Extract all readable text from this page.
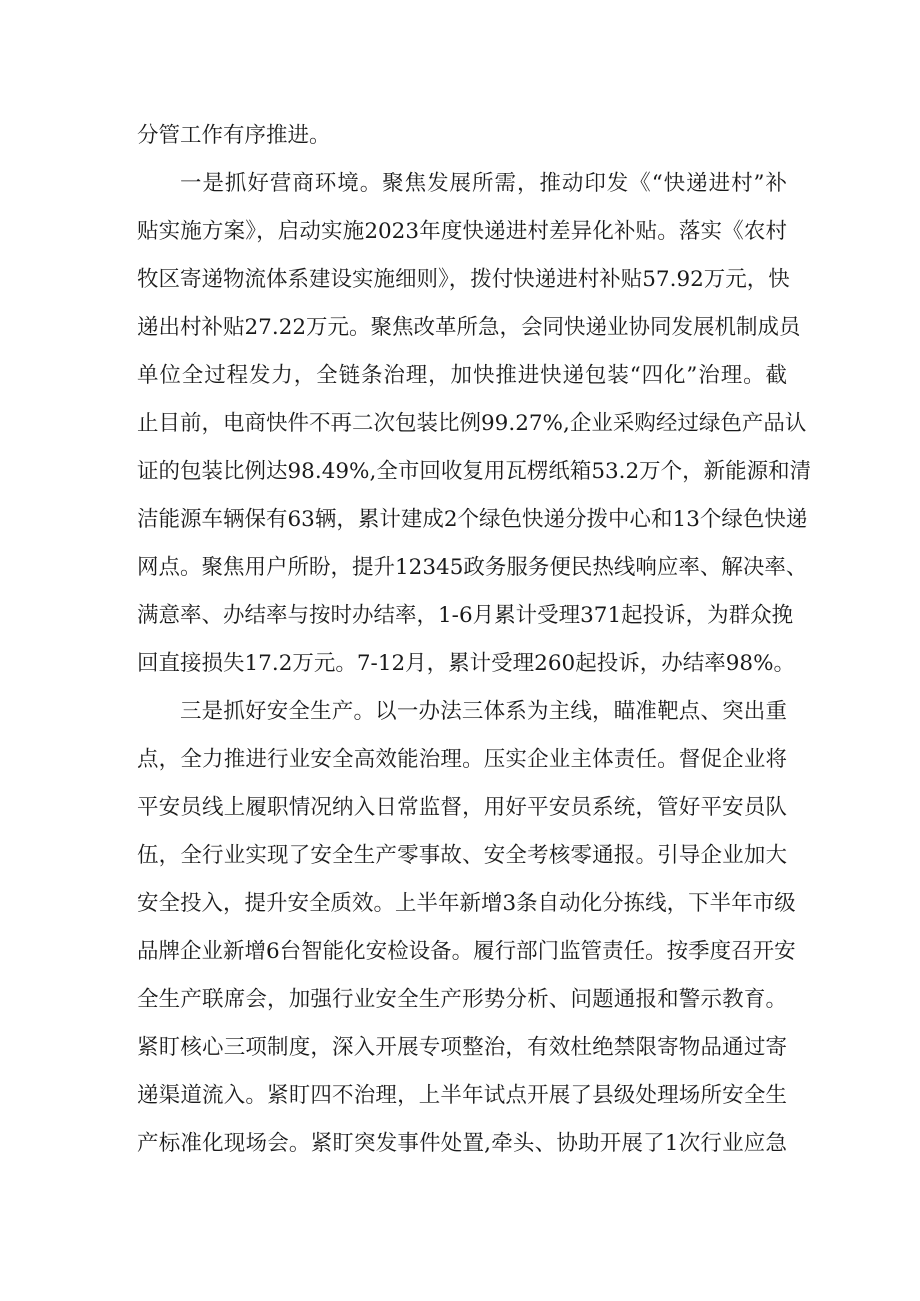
分管工作有序推进。
一是抓好营商环境。聚焦发展所需，推动印发《“快递进村”补
贴实施方案》，启动实施2023年度快递进村差异化补贴。落实《农村
牧区寄递物流体系建设实施细则》，拨付快递进村补贴57.92万元，快
递出村补贴27.22万元。聚焦改革所急，会同快递业协同发展机制成员
单位全过程发力，全链条治理，加快推进快递包装“四化”治理。截
止目前，电商快件不再二次包装比例99.27%,企业采购经过绿色产品认
证的包装比例达98.49%,全市回收复用瓦楞纸箱53.2万个，新能源和清
洁能源车辆保有63辆，累计建成2个绿色快递分拨中心和13个绿色快递
网点。聚焦用户所盼，提升12345政务服务便民热线响应率、解决率、
满意率、办结率与按时办结率，1-6月累计受理371起投诉，为群众挽
回直接损失17.2万元。7-12月，累计受理260起投诉，办结率98%。
三是抓好安全生产。以一办法三体系为主线，瞄准靶点、突出重
点，全力推进行业安全高效能治理。压实企业主体责任。督促企业将
平安员线上履职情况纳入日常监督，用好平安员系统，管好平安员队
伍，全行业实现了安全生产零事故、安全考核零通报。引导企业加大
安全投入，提升安全质效。上半年新增3条自动化分拣线，下半年市级
品牌企业新增6台智能化安检设备。履行部门监管责任。按季度召开安
全生产联席会，加强行业安全生产形势分析、问题通报和警示教育。
紧盯核心三项制度，深入开展专项整治，有效杜绝禁限寄物品通过寄
递渠道流入。紧盯四不治理，上半年试点开展了县级处理场所安全生
产标准化现场会。紧盯突发事件处置,牵头、协助开展了1次行业应急
